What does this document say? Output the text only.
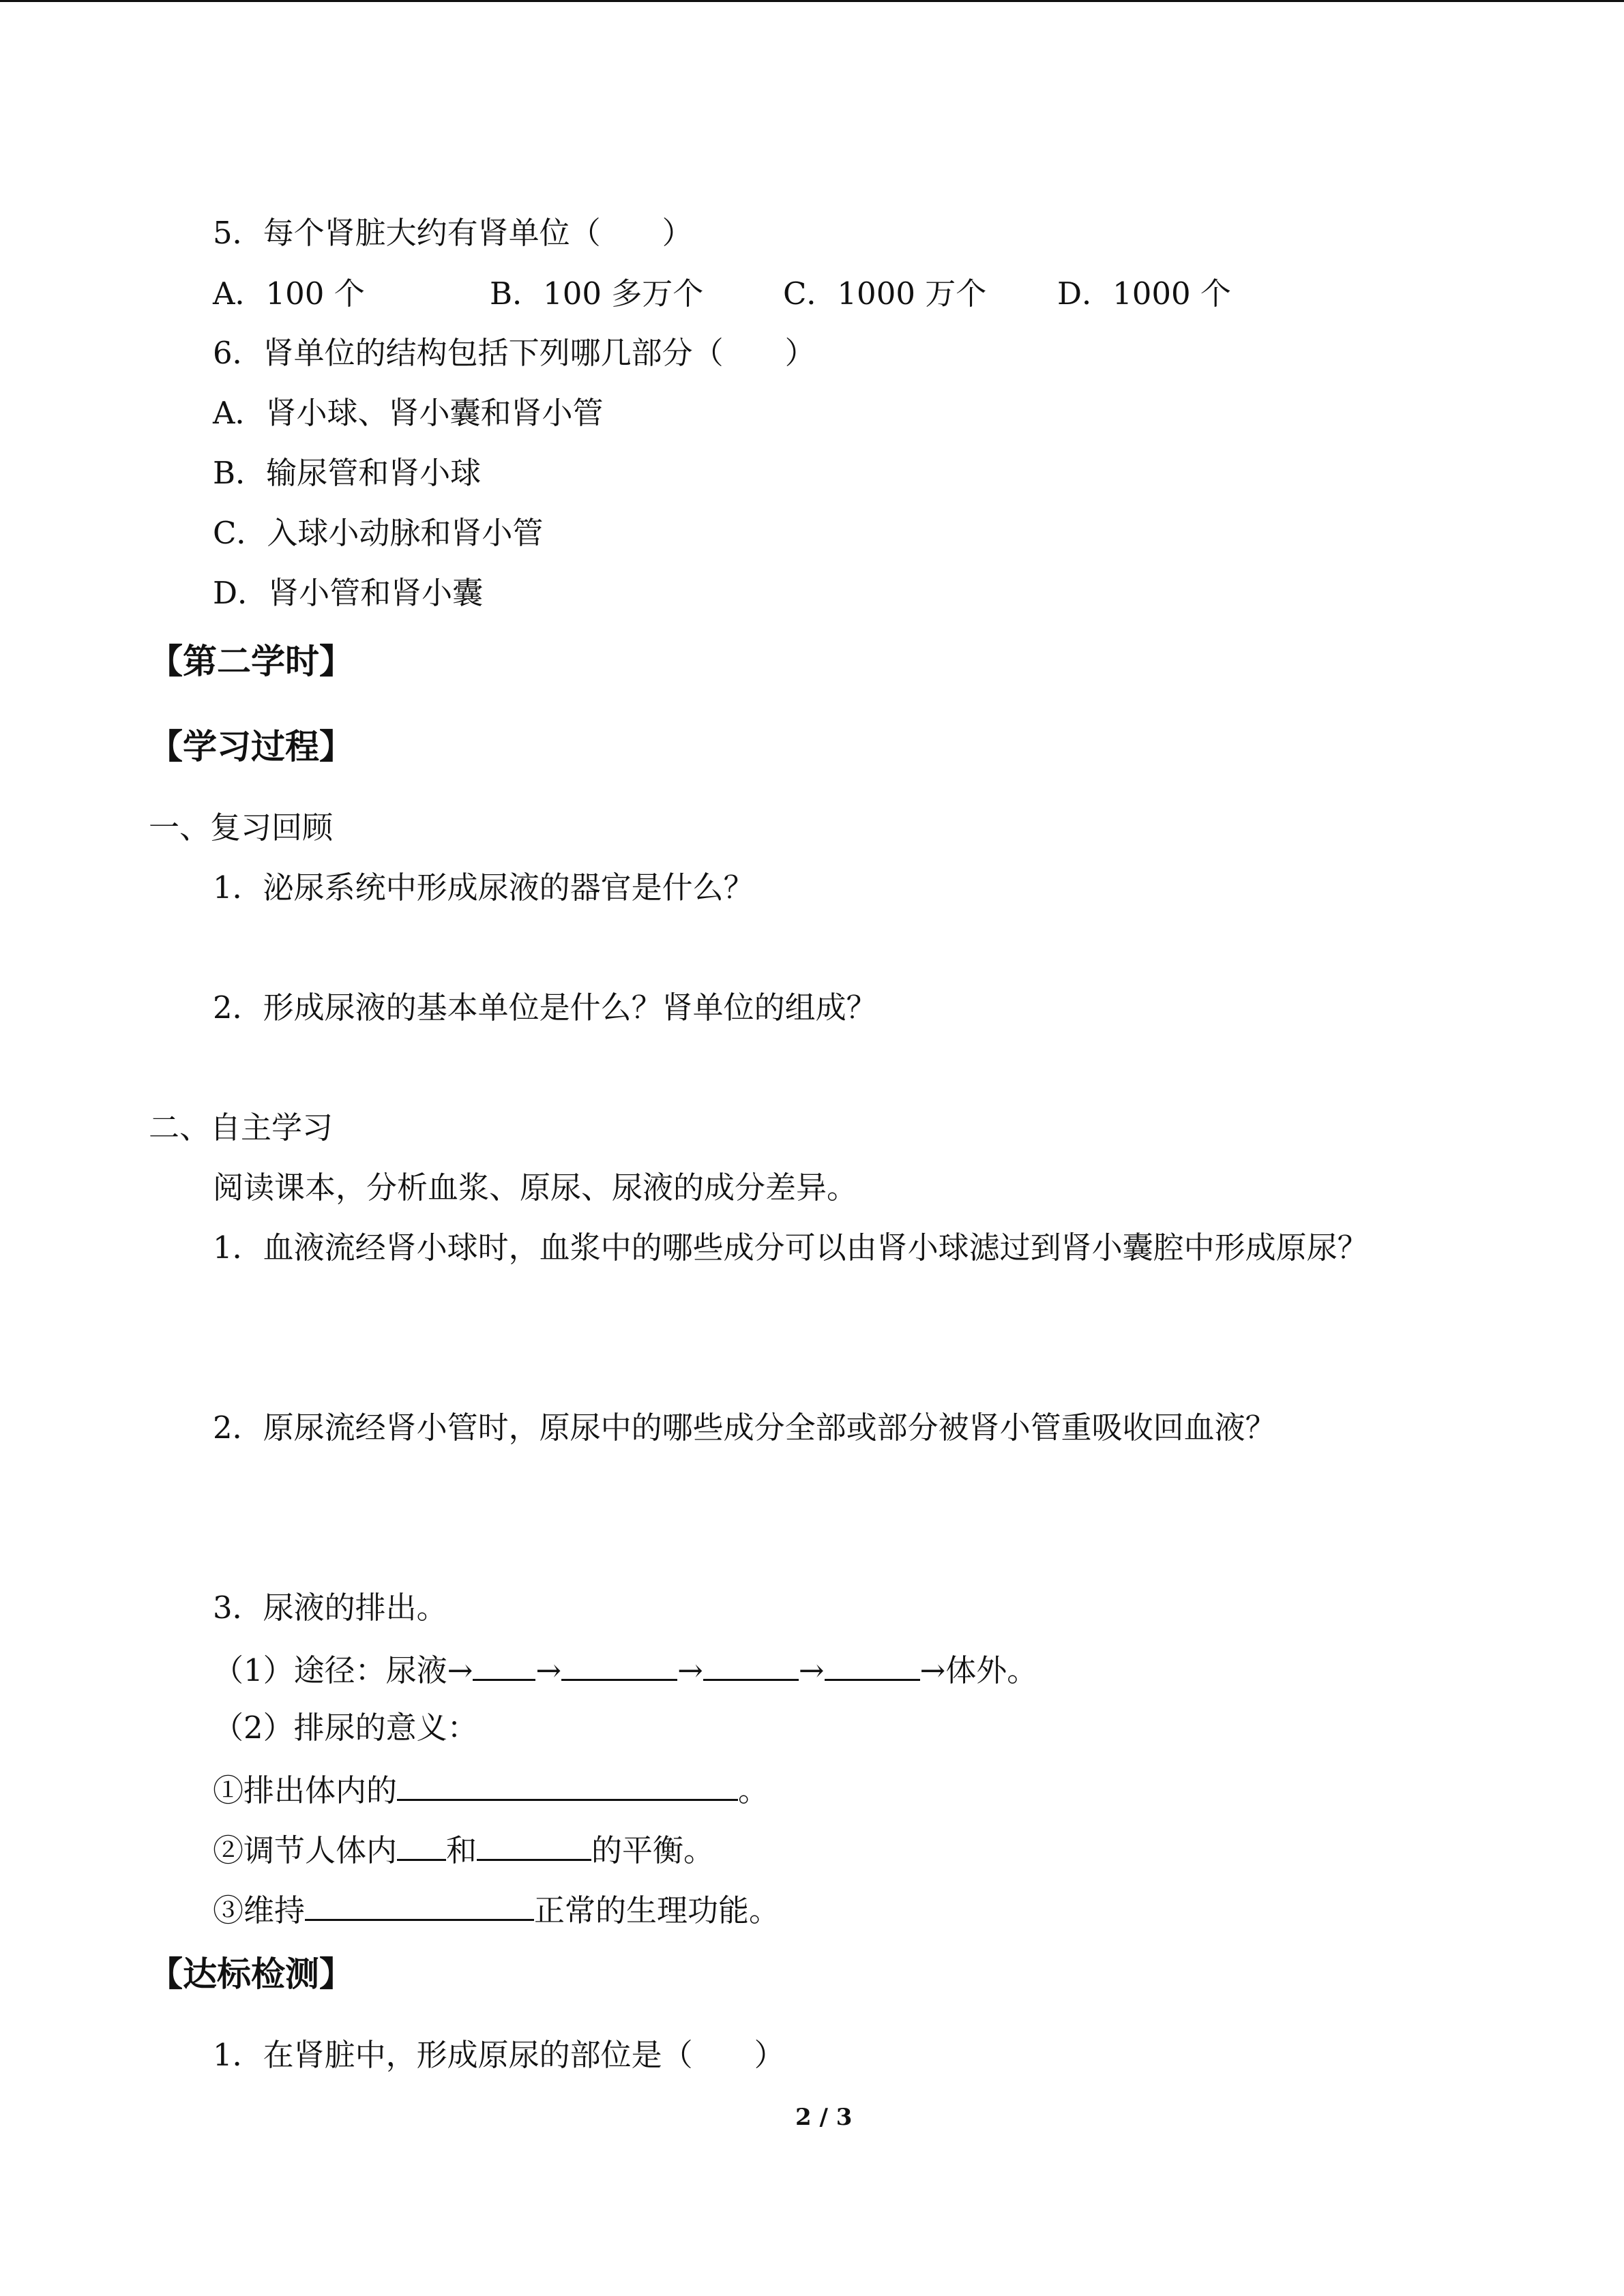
5．每个肾脏大约有肾单位（　　）
A．100 个	B．100 多万个	C．1000 万个 D．1000 个
6．肾单位的结构包括下列哪几部分（　　）
A．肾小球、肾小囊和肾小管
B．输尿管和肾小球
C．入球小动脉和肾小管
D．肾小管和肾小囊
【第二学时】
【学习过程】
一、复习回顾
1．泌尿系统中形成尿液的器官是什么？
2．形成尿液的基本单位是什么？肾单位的组成？
二、自主学习
阅读课本，分析血浆、原尿、尿液的成分差异。
1．血液流经肾小球时，血浆中的哪些成分可以由肾小球滤过到肾小囊腔中形成原尿？
2．原尿流经肾小管时，原尿中的哪些成分全部或部分被肾小管重吸收回血液？
3．尿液的排出。
（1）途径：尿液→ →	→	→	→体外。
（2）排尿的意义：
①排出体内的	。
②调节人体内 和	的平衡。
③维持	正常的生理功能。
【达标检测】
1．在肾脏中，形成原尿的部位是（　　）
2 / 3
